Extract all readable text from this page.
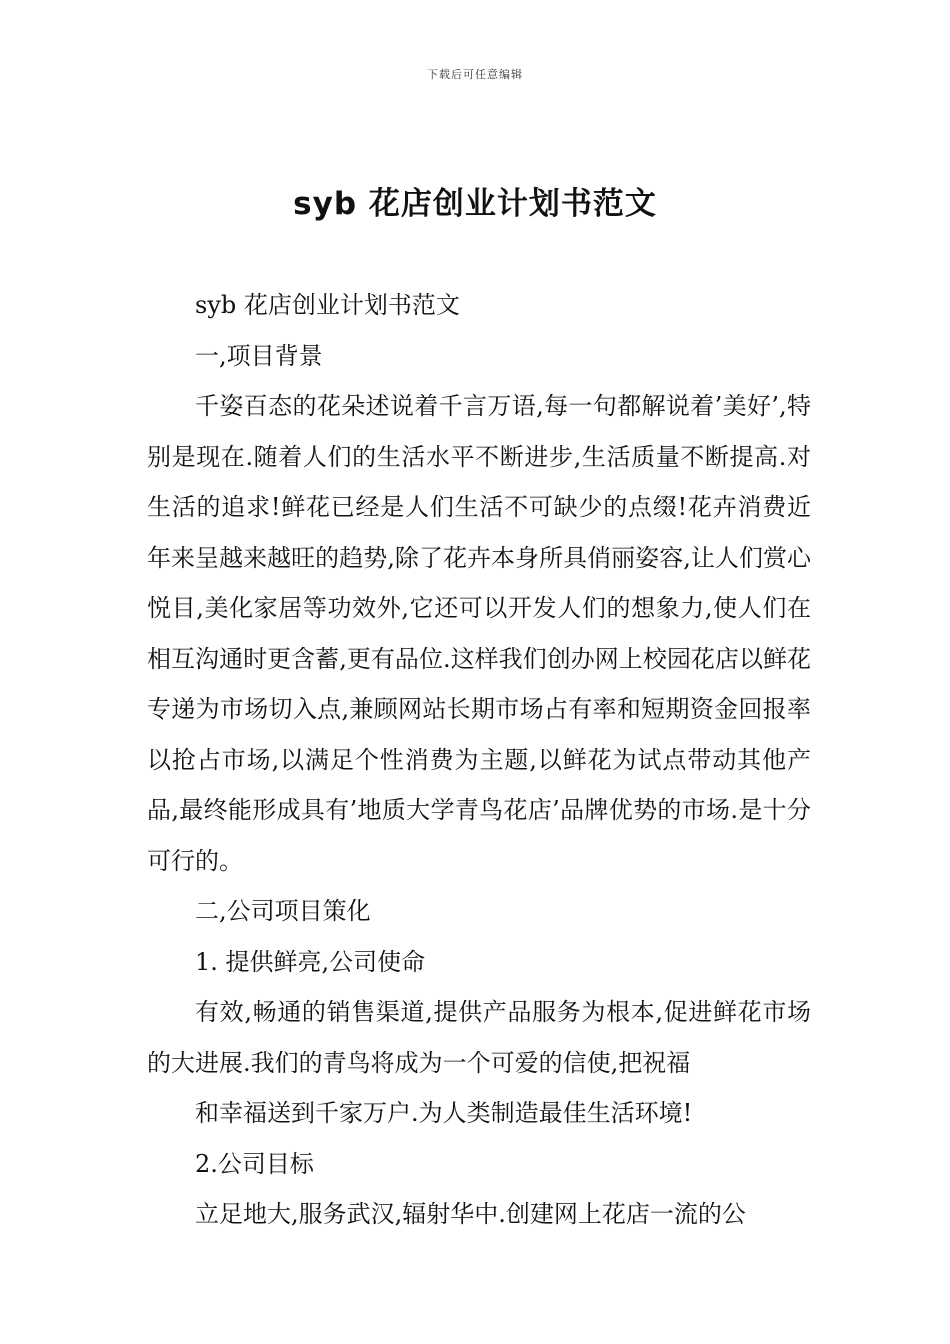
下载后可任意编辑
syb 花店创业计划书范文

syb 花店创业计划书范文

一,项目背景

千姿百态的花朵述说着千言万语,每一句都解说着’美好’,特别是现在.随着人们的生活水平不断进步,生活质量不断提高.对生活的追求!鲜花已经是人们生活不可缺少的点缀!花卉消费近年来呈越来越旺的趋势,除了花卉本身所具俏丽姿容,让人们赏心悦目,美化家居等功效外,它还可以开发人们的想象力,使人们在相互沟通时更含蓄,更有品位.这样我们创办网上校园花店以鲜花专递为市场切入点,兼顾网站长期市场占有率和短期资金回报率以抢占市场,以满足个性消费为主题,以鲜花为试点带动其他产品,最终能形成具有’地质大学青鸟花店’品牌优势的市场.是十分可行的。

二,公司项目策化

1. 提供鲜亮,公司使命

有效,畅通的销售渠道,提供产品服务为根本,促进鲜花市场的大进展.我们的青鸟将成为一个可爱的信使,把祝福

和幸福送到千家万户.为人类制造最佳生活环境!

2.公司目标

立足地大,服务武汉,辐射华中.创建网上花店一流的公
